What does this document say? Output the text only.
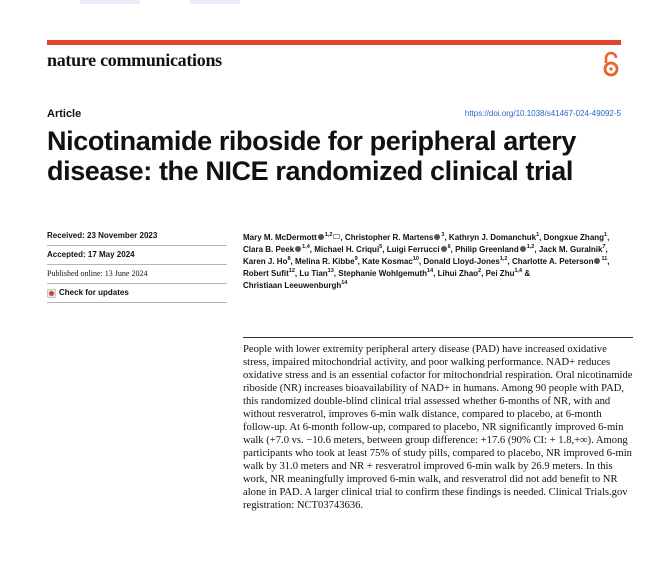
nature communications
Article	https://doi.org/10.1038/s41467-024-49092-5
Nicotinamide riboside for peripheral artery disease: the NICE randomized clinical trial
Received: 23 November 2023
Accepted: 17 May 2024
Published online: 13 June 2024
Check for updates
Mary M. McDermott $^{1,2}$ , Christopher R. Martens $^3$, Kathryn J. Domanchuk$^1$, Dongxue Zhang$^1$, Clara B. Peek $^{1,4}$, Michael H. Criqui$^5$, Luigi Ferrucci $^6$, Philip Greenland $^{1,2}$, Jack M. Guralnik$^7$, Karen J. Ho$^8$, Melina R. Kibbe$^9$, Kate Kosmac$^{10}$, Donald Lloyd-Jones$^{1,2}$, Charlotte A. Peterson $^{11}$, Robert Sufit$^{12}$, Lu Tian$^{13}$, Stephanie Wohlgemuth$^{14}$, Lihui Zhao$^2$, Pei Zhu$^{1,4}$ & Christiaan Leeuwenburgh$^{14}$

People with lower extremity peripheral artery disease (PAD) have increased oxidative stress, impaired mitochondrial activity, and poor walking performance. NAD+ reduces oxidative stress and is an essential cofactor for mitochondrial respiration. Oral nicotinamide riboside (NR) increases bioavailability of NAD+ in humans. Among 90 people with PAD, this randomized double-blind clinical trial assessed whether 6-months of NR, with and without resveratrol, improves 6-min walk distance, compared to placebo, at 6-month follow-up. At 6-month follow-up, compared to placebo, NR significantly improved 6-min walk (+7.0 vs. −10.6 meters, between group difference: +17.6 (90% CI: + 1.8,+∞). Among participants who took at least 75% of study pills, compared to placebo, NR improved 6-min walk by 31.0 meters and NR + resveratrol improved 6-min walk by 26.9 meters. In this work, NR meaningfully improved 6-min walk, and resveratrol did not add benefit to NR alone in PAD. A larger clinical trial to confirm these findings is needed. Clinical Trials.gov registration: NCT03743636.
